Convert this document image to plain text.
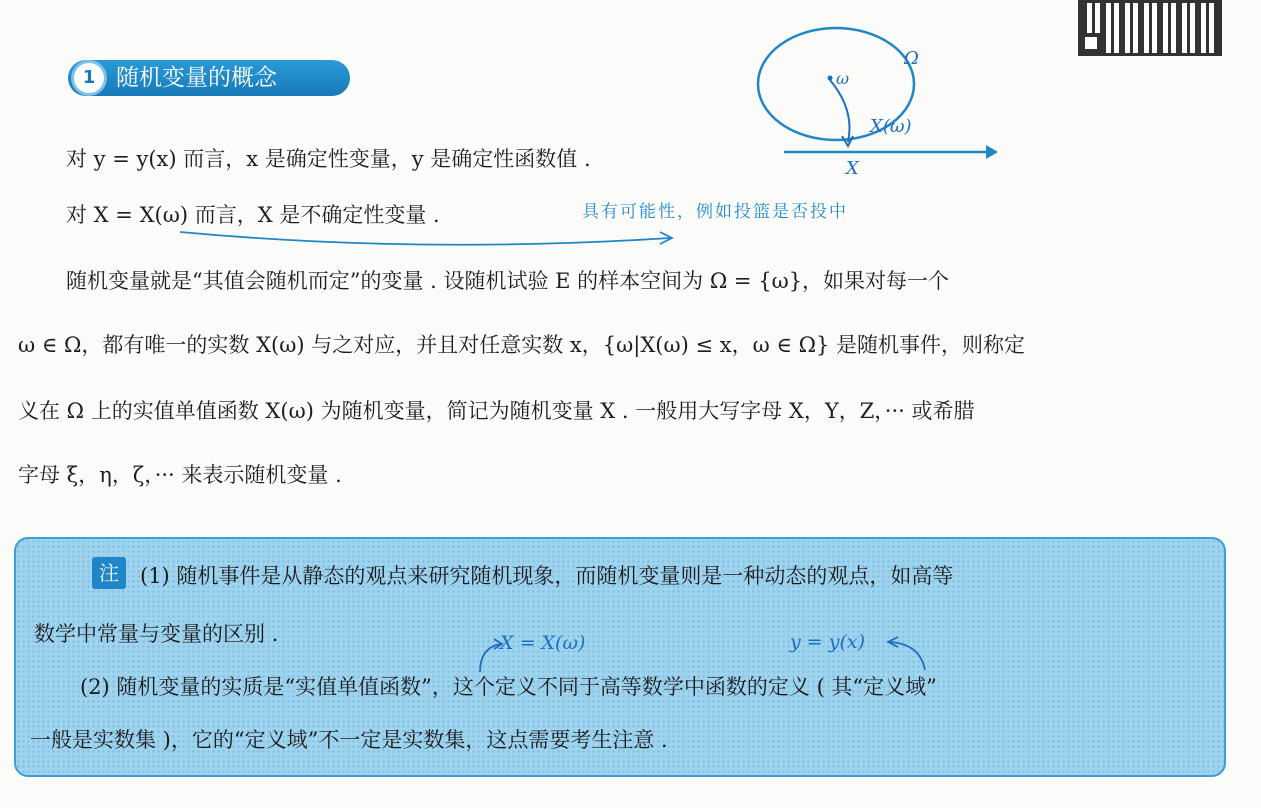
1 随机变量的概念
Ω
ω
X(ω)
X
对 y = y(x) 而言，x 是确定性变量，y 是确定性函数值 .
对 X = X(ω) 而言，X 是不确定性变量 .	具有可能性，例如投篮是否投中
随机变量就是“其值会随机而定”的变量 . 设随机试验 E 的样本空间为 Ω = {ω}，如果对每一个
ω ∈ Ω，都有唯一的实数 X(ω) 与之对应，并且对任意实数 x，{ω|X(ω) ≤ x，ω ∈ Ω} 是随机事件，则称定
义在 Ω 上的实值单值函数 X(ω) 为随机变量，简记为随机变量 X . 一般用大写字母 X，Y，Z，··· 或希腊
字母 ξ，η，ζ，··· 来表示随机变量 .
注	(1) 随机事件是从静态的观点来研究随机现象，而随机变量则是一种动态的观点，如高等
数学中常量与变量的区别 .	X = X(ω)	y = y(x)
(2) 随机变量的实质是“实值单值函数”，这个定义不同于高等数学中函数的定义 ( 其“定义域”
一般是实数集 )，它的“定义域”不一定是实数集，这点需要考生注意 .
